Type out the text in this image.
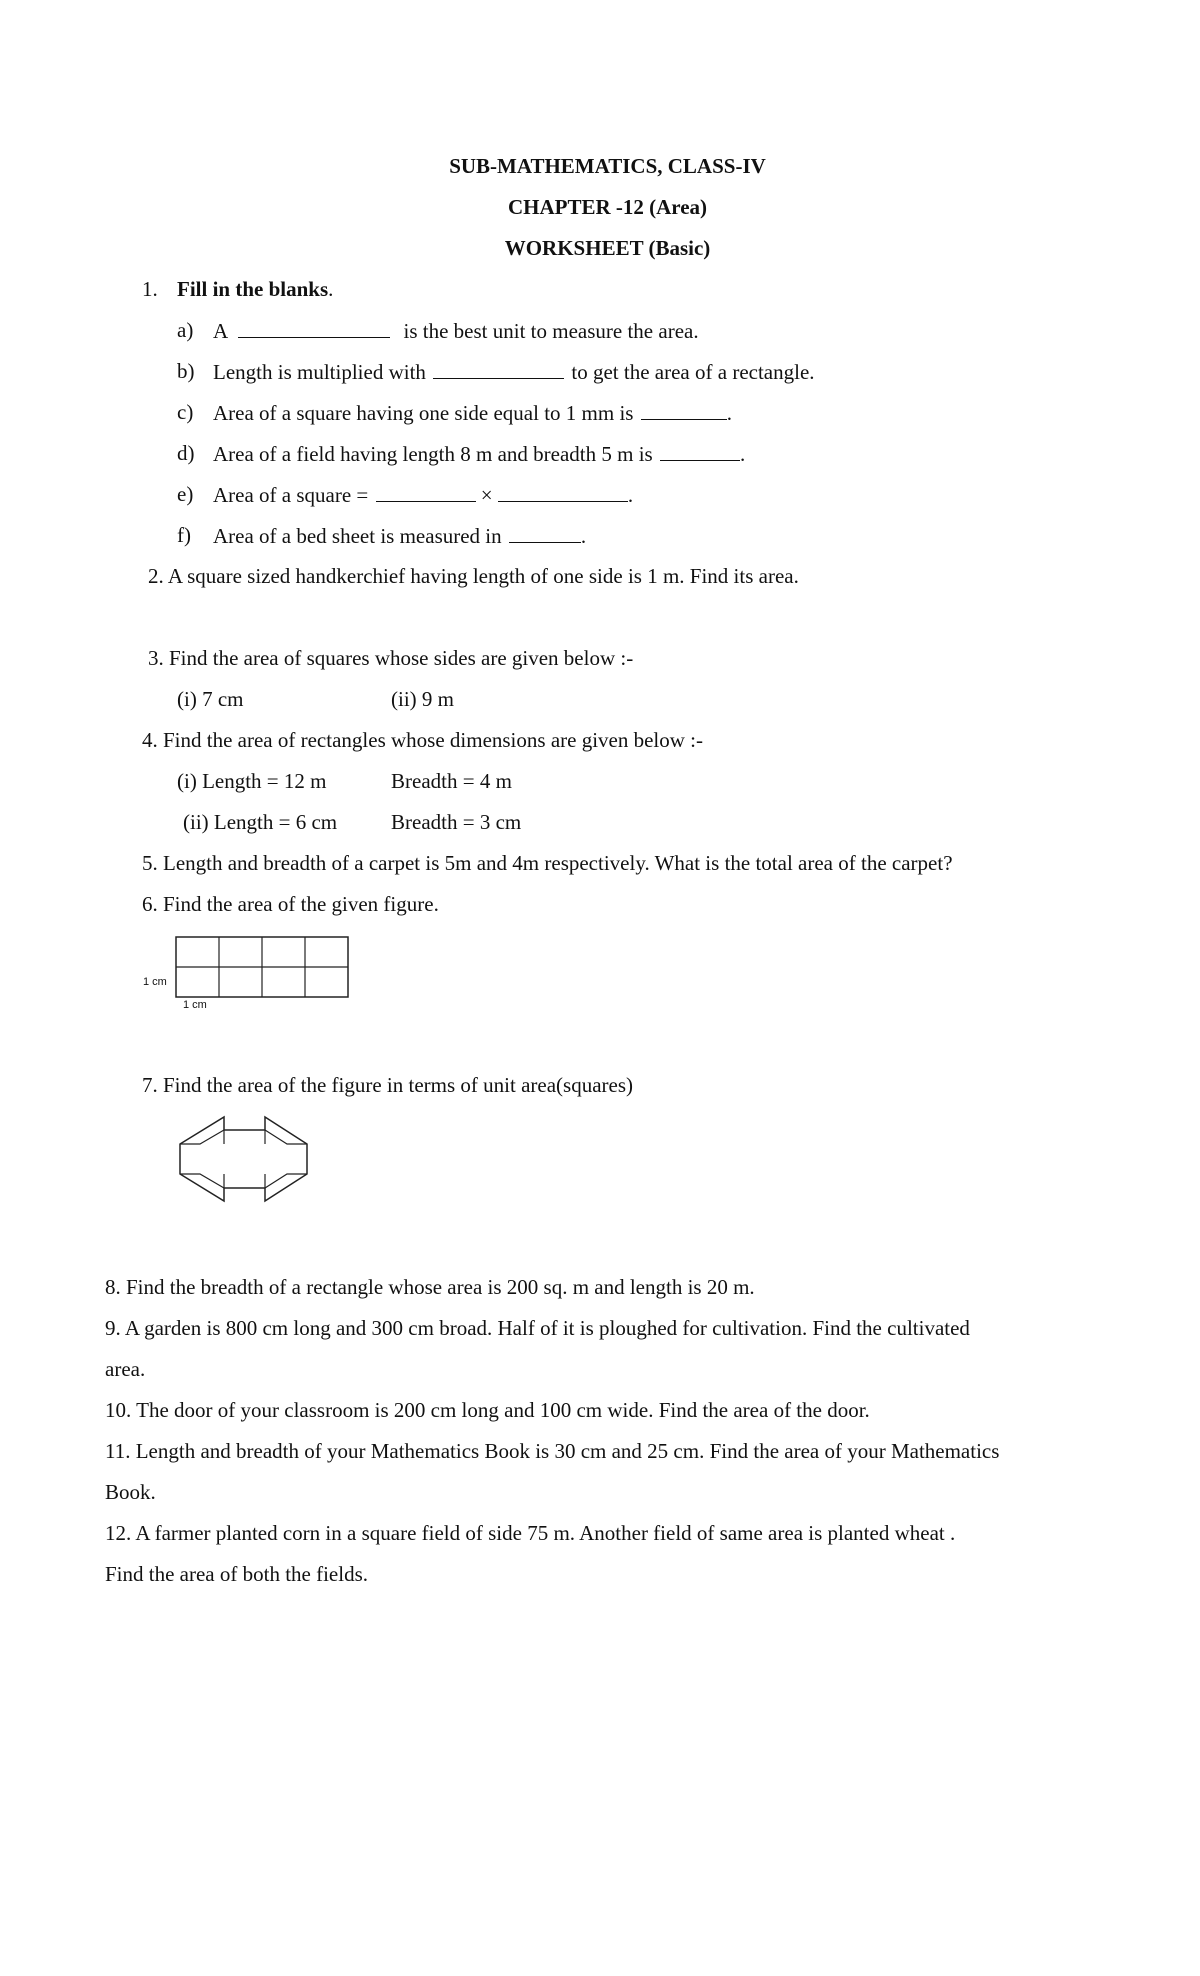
SUB-MATHEMATICS, CLASS-IV
CHAPTER -12 (Area)
WORKSHEET (Basic)
1. Fill in the blanks.
a) A	is the best unit to measure the area.
b) Length is multiplied with	to get the area of a rectangle.
c) Area of a square having one side equal to 1 mm is	.
d) Area of a field having length 8 m and breadth 5 m is	.
e) Area of a square =	×	.
f) Area of a bed sheet is measured in	.
2. A square sized handkerchief having length of one side is 1 m. Find its area.
3. Find the area of squares whose sides are given below :-
(i) 7 cm	(ii) 9 m
4. Find the area of rectangles whose dimensions are given below :-
(i) Length = 12 m	Breadth = 4 m
(ii) Length = 6 cm	Breadth = 3 cm
5. Length and breadth of a carpet is 5m and 4m respectively. What is the total area of the carpet?
6. Find the area of the given figure.
1 cm
1 cm
7. Find the area of the figure in terms of unit area(squares)
8. Find the breadth of a rectangle whose area is 200 sq. m and length is 20 m.
9. A garden is 800 cm long and 300 cm broad. Half of it is ploughed for cultivation. Find the cultivated
area.
10. The door of your classroom is 200 cm long and 100 cm wide. Find the area of the door.
11. Length and breadth of your Mathematics Book is 30 cm and 25 cm. Find the area of your Mathematics
Book.
12. A farmer planted corn in a square field of side 75 m. Another field of same area is planted wheat .
Find the area of both the fields.
